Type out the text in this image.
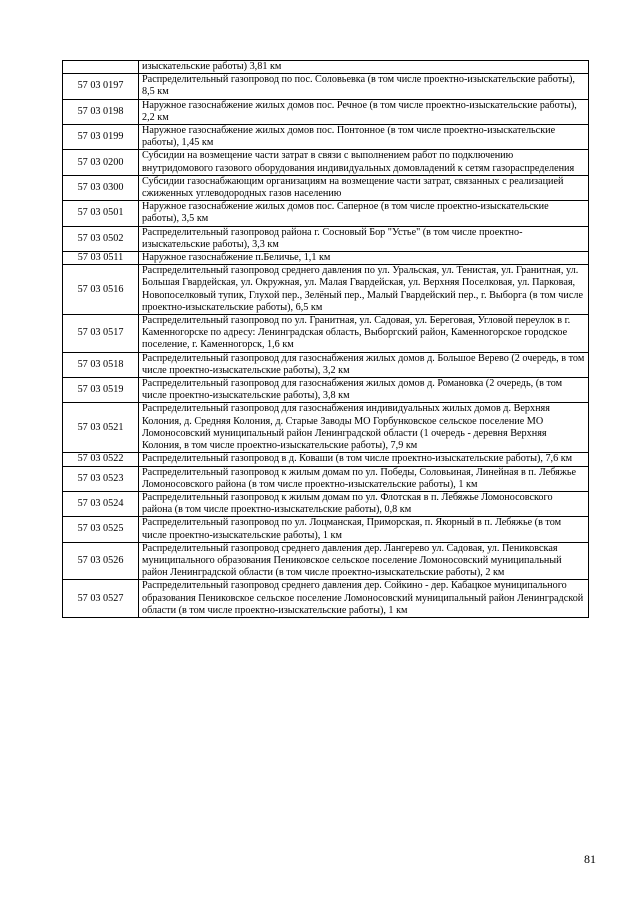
	изыскательские работы) 3,81 км
57 03 0197	Распределительный газопровод по пос. Соловьевка (в том числе проектно-изыскательские работы), 8,5 км
57 03 0198	Наружное газоснабжение жилых домов пос. Речное (в том числе проектно-изыскательские работы), 2,2 км
57 03 0199	Наружное газоснабжение жилых домов пос. Понтонное (в том числе проектно-изыскательские работы), 1,45 км
57 03 0200	Субсидии на возмещение части затрат в связи с выполнением работ по подключению внутридомового газового оборудования индивидуальных домовладений к сетям газораспределения
57 03 0300	Субсидии газоснабжающим организациям на возмещение части затрат, связанных с реализацией сжиженных углеводородных газов населению
57 03 0501	Наружное газоснабжение жилых домов пос. Саперное (в том числе проектно-изыскательские работы), 3,5 км
57 03 0502	Распределительный газопровод района г. Сосновый Бор "Устье" (в том числе проектно-изыскательские работы), 3,3 км
57 03 0511	Наружное газоснабжение п.Беличье, 1,1 км
57 03 0516	Распределительный газопровод среднего давления по ул. Уральская, ул. Тенистая, ул. Гранитная, ул. Большая Гвардейская, ул. Окружная, ул. Малая Гвардейская, ул. Верхняя Поселковая, ул. Парковая, Новопоселковый тупик, Глухой пер., Зелёный пер., Малый Гвардейский пер., г. Выборга (в том числе проектно-изыскательские работы), 6,5 км
57 03 0517	Распределительный газопровод по ул. Гранитная, ул. Садовая, ул. Береговая, Угловой переулок в г. Каменногорске по адресу: Ленинградская область, Выборгский район, Каменногорское городское поселение, г. Каменногорск, 1,6 км
57 03 0518	Распределительный газопровод для газоснабжения жилых домов д. Большое Верево (2 очередь, в том числе проектно-изыскательские работы), 3,2 км
57 03 0519	Распределительный газопровод для газоснабжения жилых домов д. Романовка (2 очередь, (в том числе проектно-изыскательские работы), 3,8 км
57 03 0521	Распределительный газопровод для газоснабжения индивидуальных жилых домов д. Верхняя Колония, д. Средняя Колония, д. Старые Заводы МО Горбунковское сельское поселение МО Ломоносовский муниципальный район Ленинградской области (1 очередь - деревня Верхняя Колония, в том числе проектно-изыскательские работы), 7,9 км
57 03 0522	Распределительный газопровод в д. Коваши (в том числе проектно-изыскательские работы), 7,6 км
57 03 0523	Распределительный газопровод к жилым домам по ул. Победы, Соловьиная, Линейная в п. Лебяжье Ломоносовского района (в том числе проектно-изыскательские работы), 1 км
57 03 0524	Распределительный газопровод к жилым домам по ул. Флотская в п. Лебяжье Ломоносовского района (в том числе проектно-изыскательские работы), 0,8 км
57 03 0525	Распределительный газопровод по ул. Лоцманская, Приморская, п. Якорный в п. Лебяжье (в том числе проектно-изыскательские работы), 1 км
57 03 0526	Распределительный газопровод среднего давления дер. Лангерево ул. Садовая, ул. Пениковская муниципального образования Пениковское сельское поселение Ломоносовский муниципальный район Ленинградской области (в том числе проектно-изыскательские работы), 2 км
57 03 0527	Распределительный газопровод среднего давления дер. Сойкино - дер. Кабацкое муниципального образования Пениковское сельское поселение Ломоносовский муниципальный район Ленинградской области (в том числе проектно-изыскательские работы), 1 км
81
